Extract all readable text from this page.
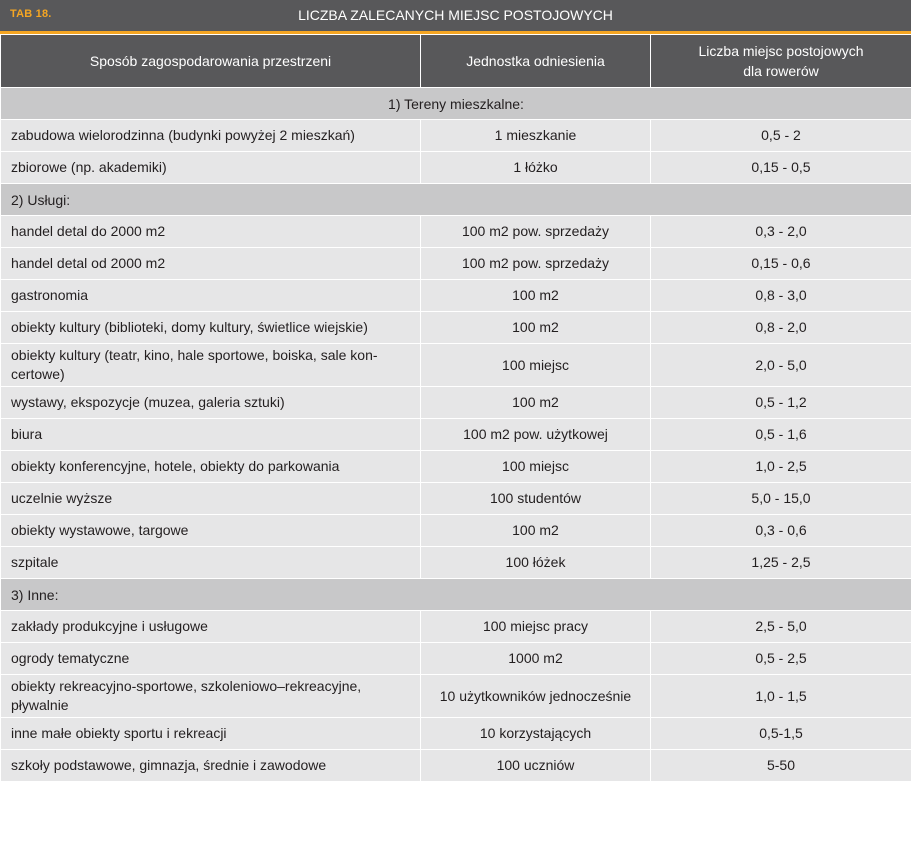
TAB 18.	LICZBA ZALECANYCH MIEJSC POSTOJOWYCH
Sposób zagospodarowania przestrzeni	Jednostka odniesienia	Liczba miejsc postojowych dla rowerów
1) Tereny mieszkalne:		
zabudowa wielorodzinna (budynki powyżej 2 mieszkań)	1 mieszkanie	0,5 - 2
zbiorowe (np. akademiki)	1 łóżko	0,15 - 0,5
2) Usługi:		
handel detal do 2000 m2	100 m2 pow. sprzedaży	0,3 - 2,0
handel detal od 2000 m2	100 m2 pow. sprzedaży	0,15 - 0,6
gastronomia	100 m2	0,8 - 3,0
obiekty kultury (biblioteki, domy kultury, świetlice wiejskie)	100 m2	0,8 - 2,0
obiekty kultury (teatr, kino, hale sportowe, boiska, sale kon-certowe)	100 miejsc	2,0 - 5,0
wystawy, ekspozycje (muzea, galeria sztuki)	100 m2	0,5 - 1,2
biura	100 m2 pow. użytkowej	0,5 - 1,6
obiekty konferencyjne, hotele, obiekty do parkowania	100 miejsc	1,0 - 2,5
uczelnie wyższe	100 studentów	5,0 - 15,0
obiekty wystawowe, targowe	100 m2	0,3 - 0,6
szpitale	100 łóżek	1,25 - 2,5
3) Inne:		
zakłady produkcyjne i usługowe	100 miejsc pracy	2,5 - 5,0
ogrody tematyczne	1000 m2	0,5 - 2,5
obiekty rekreacyjno-sportowe, szkoleniowo–rekreacyjne, pływalnie	10 użytkowników jednocześnie	1,0 - 1,5
inne małe obiekty sportu i rekreacji	10 korzystających	0,5-1,5
szkoły podstawowe, gimnazja, średnie i zawodowe	100 uczniów	5-50
